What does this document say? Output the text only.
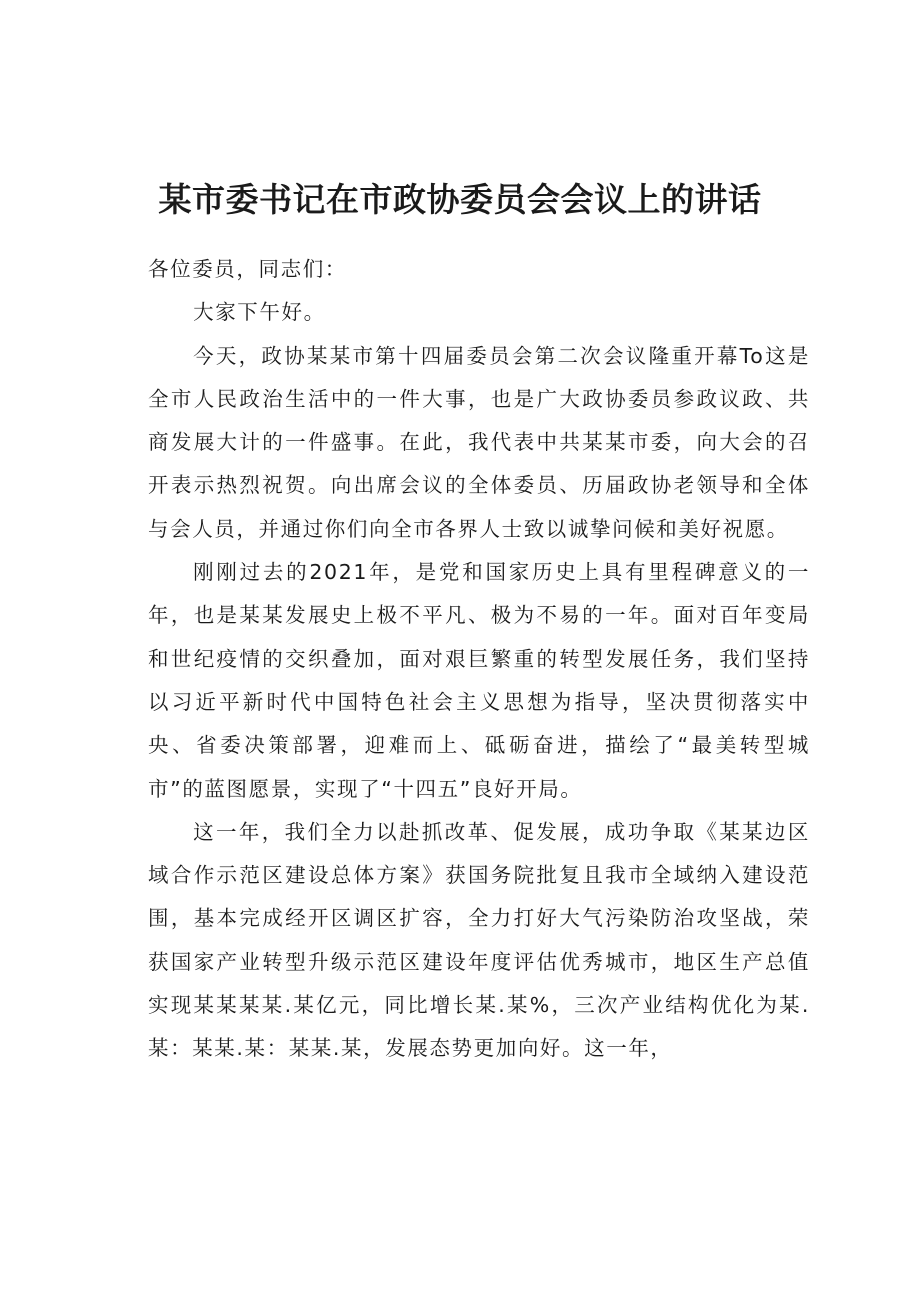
某市委书记在市政协委员会会议上的讲话

各位委员，同志们：

大家下午好。

今天，政协某某市第十四届委员会第二次会议隆重开幕To这是全市人民政治生活中的一件大事，也是广大政协委员参政议政、共商发展大计的一件盛事。在此，我代表中共某某市委，向大会的召开表示热烈祝贺。向出席会议的全体委员、历届政协老领导和全体与会人员，并通过你们向全市各界人士致以诚挚问候和美好祝愿。

刚刚过去的2021年，是党和国家历史上具有里程碑意义的一年，也是某某发展史上极不平凡、极为不易的一年。面对百年变局和世纪疫情的交织叠加，面对艰巨繁重的转型发展任务，我们坚持以习近平新时代中国特色社会主义思想为指导，坚决贯彻落实中央、省委决策部署，迎难而上、砥砺奋进，描绘了“最美转型城市”的蓝图愿景，实现了“十四五”良好开局。

这一年，我们全力以赴抓改革、促发展，成功争取《某某边区域合作示范区建设总体方案》获国务院批复且我市全域纳入建设范围，基本完成经开区调区扩容，全力打好大气污染防治攻坚战，荣获国家产业转型升级示范区建设年度评估优秀城市，地区生产总值实现某某某某.某亿元，同比增长某.某%，三次产业结构优化为某.某：某某.某：某某.某，发展态势更加向好。这一年，
